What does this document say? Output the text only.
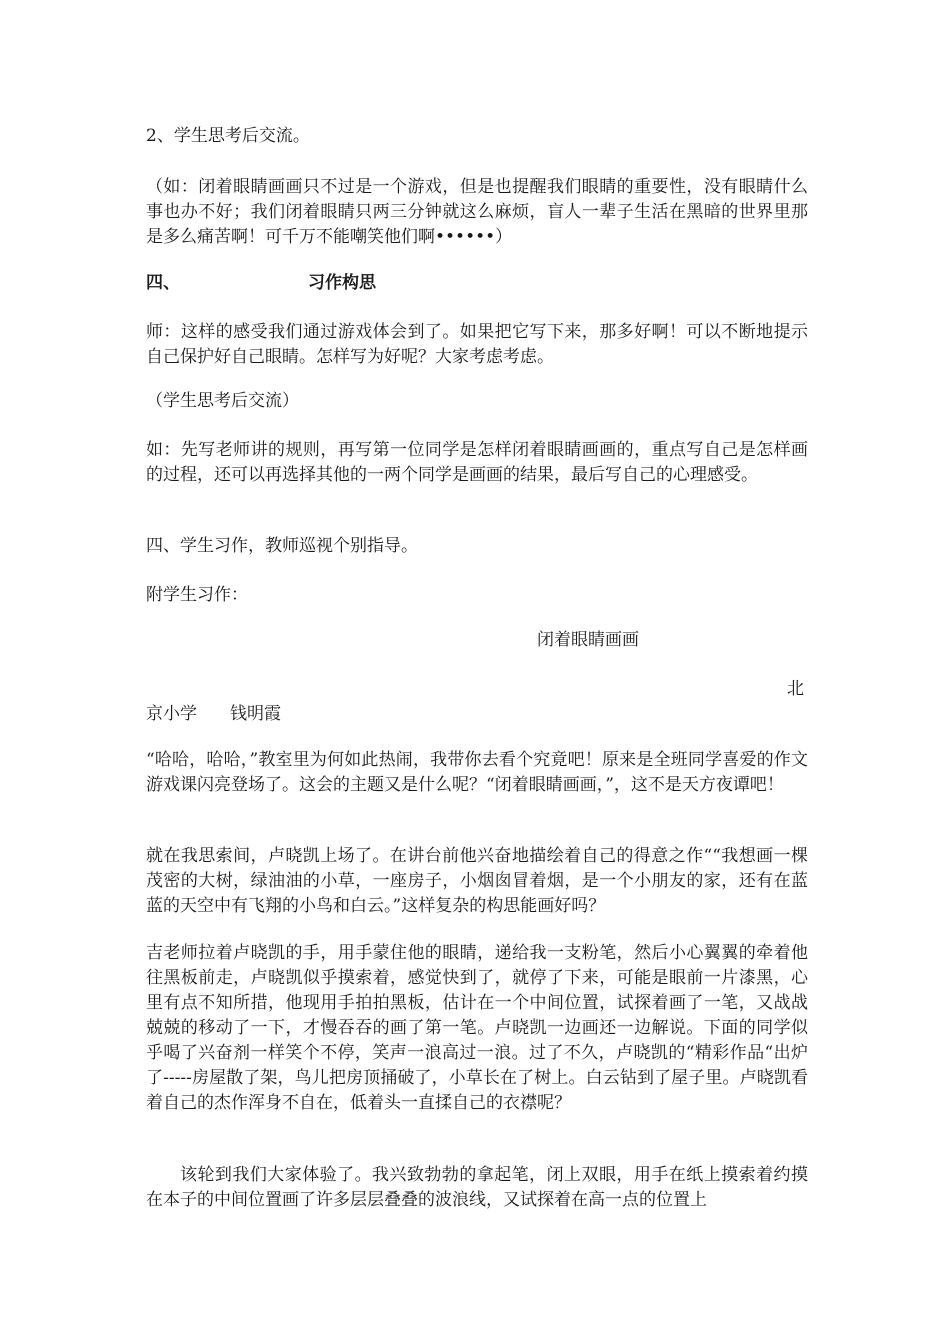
2、学生思考后交流。

（如：闭着眼睛画画只不过是一个游戏，但是也提醒我们眼睛的重要性，没有眼睛什么事也办不好；我们闭着眼睛只两三分钟就这么麻烦，盲人一辈子生活在黑暗的世界里那是多么痛苦啊！可千万不能嘲笑他们啊••••••）

四、	习作构思

师：这样的感受我们通过游戏体会到了。如果把它写下来，那多好啊！可以不断地提示自己保护好自己眼睛。怎样写为好呢？大家考虑考虑。

（学生思考后交流）

如：先写老师讲的规则，再写第一位同学是怎样闭着眼睛画画的，重点写自己是怎样画的过程，还可以再选择其他的一两个同学是画画的结果，最后写自己的心理感受。

四、学生习作，教师巡视个别指导。

附学生习作：

闭着眼睛画画

北

京小学 钱明霞

“哈哈，哈哈，”教室里为何如此热闹，我带你去看个究竟吧！原来是全班同学喜爱的作文游戏课闪亮登场了。这会的主题又是什么呢？“闭着眼睛画画，”，这不是天方夜谭吧！

就在我思索间，卢晓凯上场了。在讲台前他兴奋地描绘着自己的得意之作““我想画一棵茂密的大树，绿油油的小草，一座房子，小烟囱冒着烟，是一个小朋友的家，还有在蓝蓝的天空中有飞翔的小鸟和白云。”这样复杂的构思能画好吗？

吉老师拉着卢晓凯的手，用手蒙住他的眼睛，递给我一支粉笔，然后小心翼翼的牵着他往黑板前走，卢晓凯似乎摸索着，感觉快到了，就停了下来，可能是眼前一片漆黑，心里有点不知所措，他现用手拍拍黑板，估计在一个中间位置，试探着画了一笔，又战战兢兢的移动了一下，才慢吞吞的画了第一笔。卢晓凯一边画还一边解说。下面的同学似乎喝了兴奋剂一样笑个不停，笑声一浪高过一浪。过了不久，卢晓凯的“精彩作品“出炉了-----房屋散了架，鸟儿把房顶捅破了，小草长在了树上。白云钻到了屋子里。卢晓凯看着自己的杰作浑身不自在，低着头一直揉自己的衣襟呢？

该轮到我们大家体验了。我兴致勃勃的拿起笔，闭上双眼，用手在纸上摸索着约摸在本子的中间位置画了许多层层叠叠的波浪线，又试探着在高一点的位置上
